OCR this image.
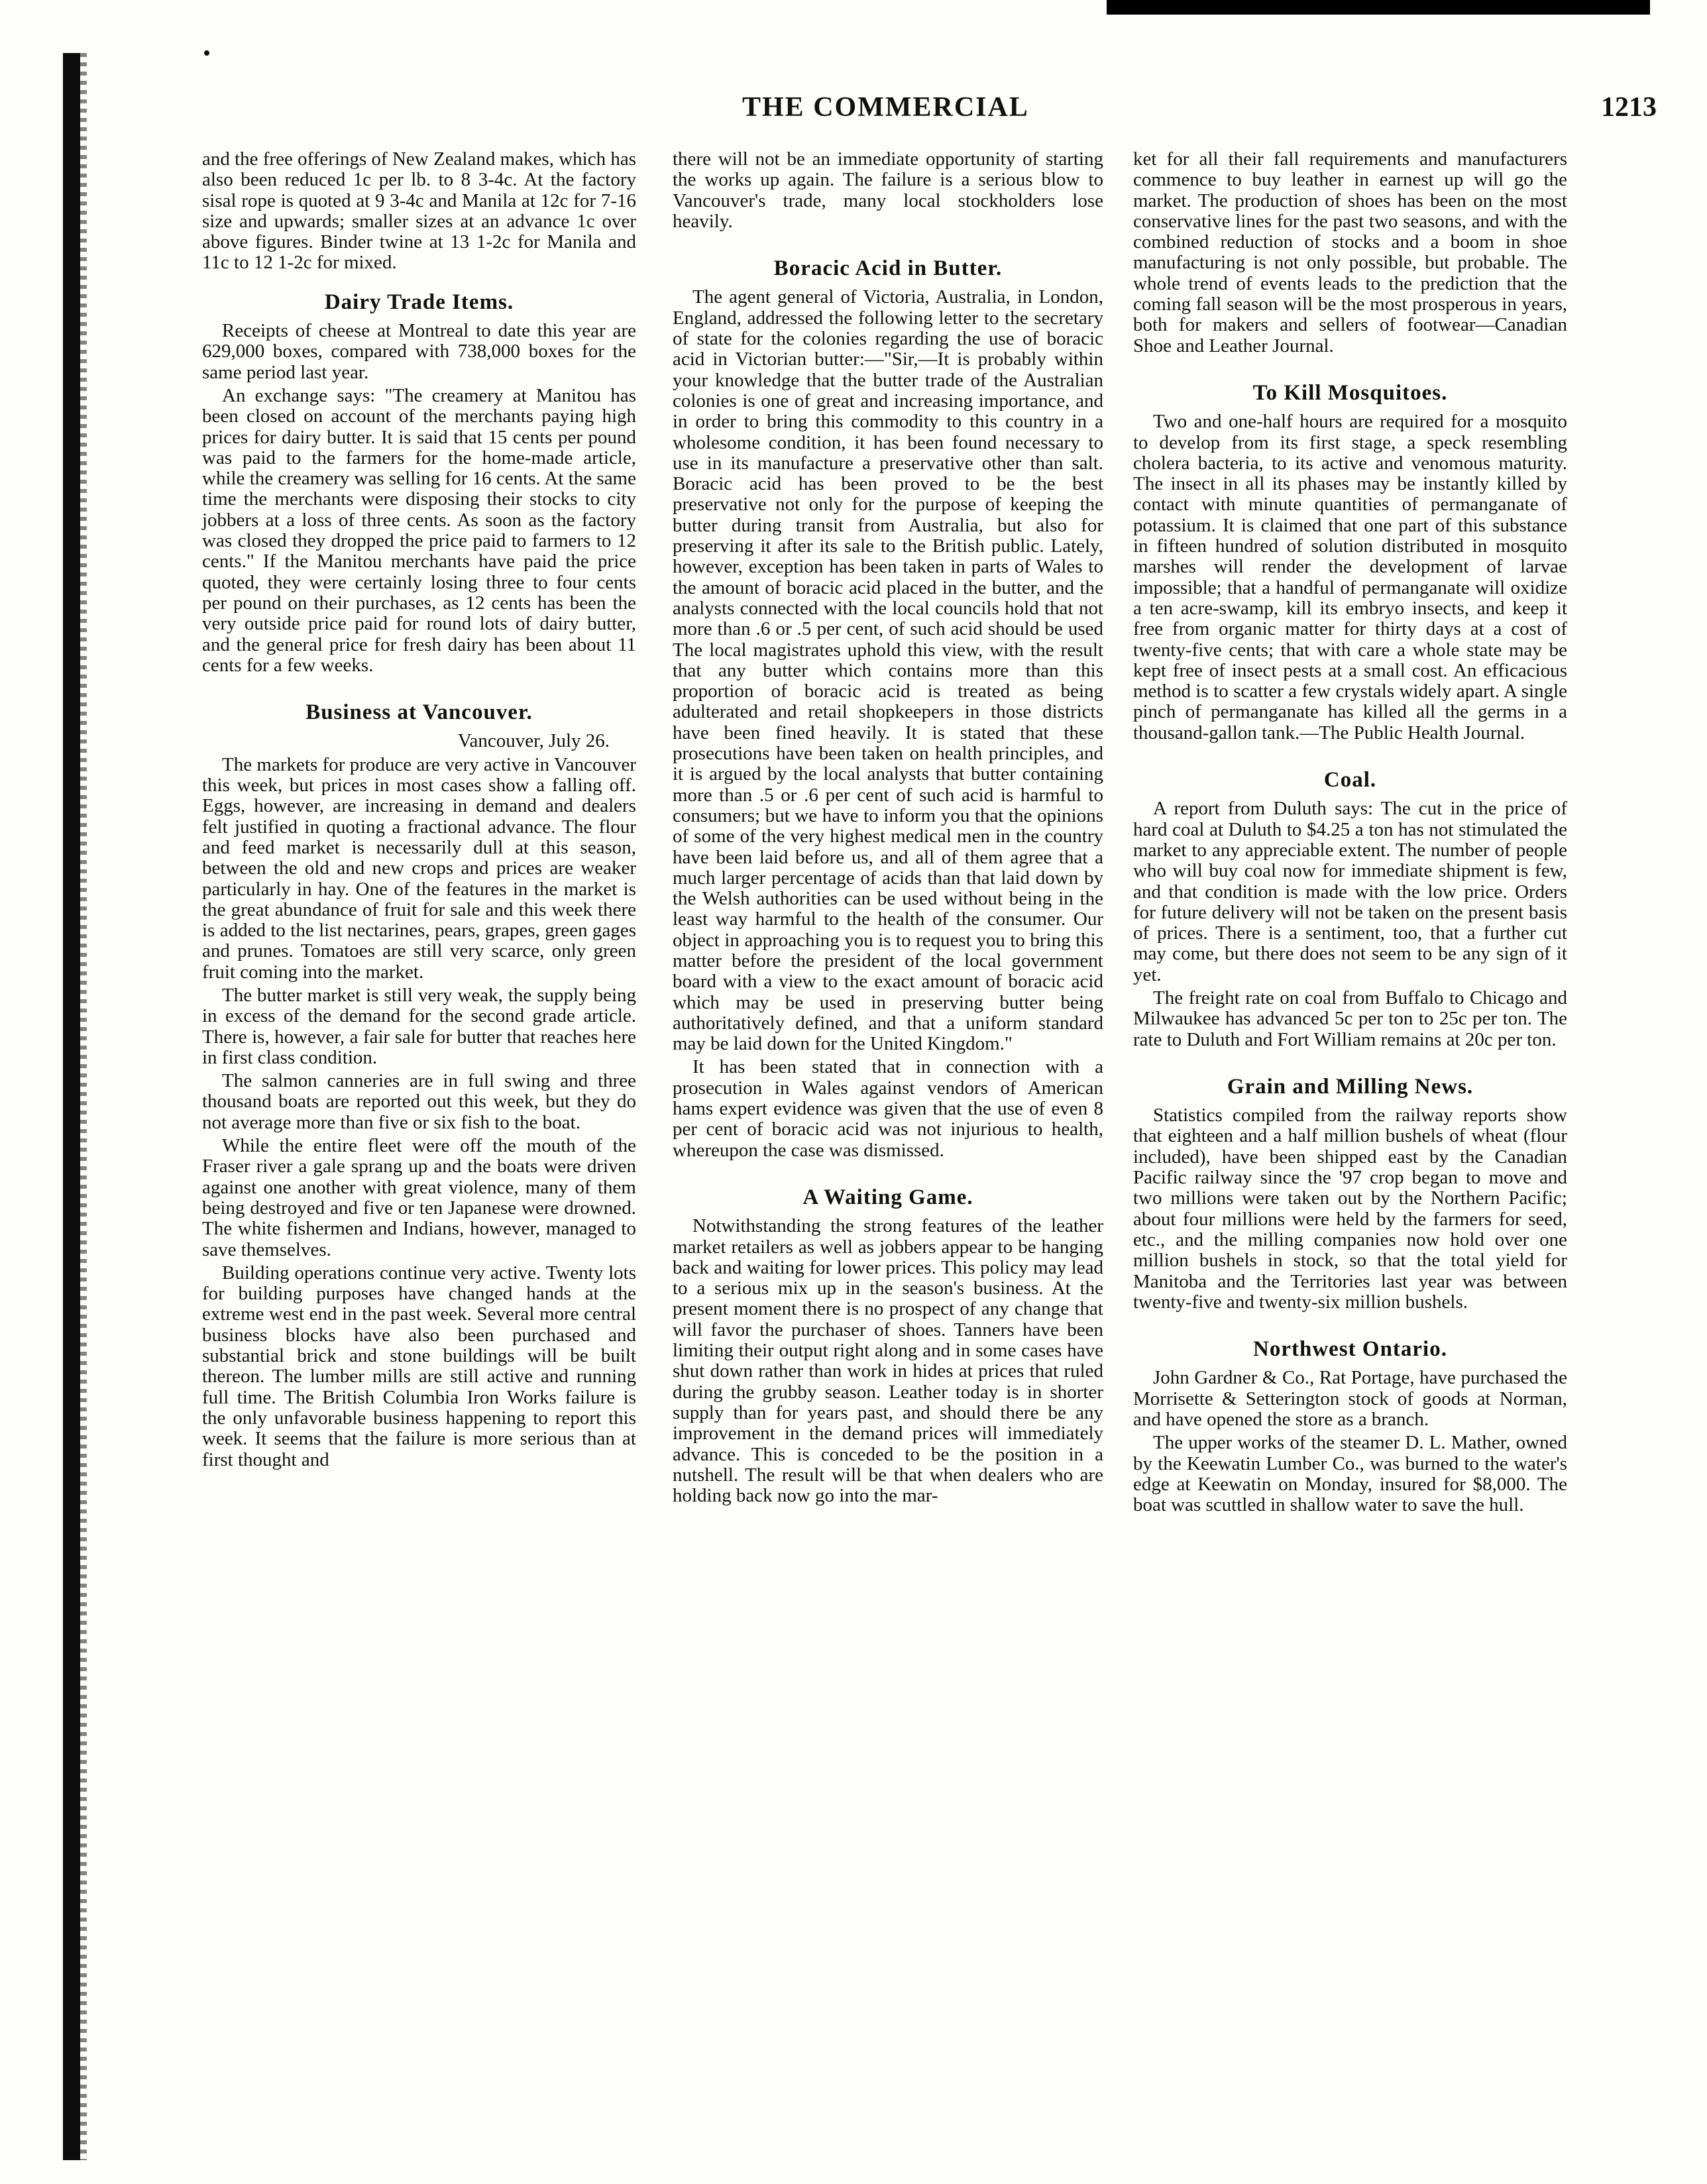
THE COMMERCIAL	1213

and the free offerings of New Zealand makes, which has also been reduced 1c per lb. to 8 3-4c. At the factory sisal rope is quoted at 9 3-4c and Manila at 12c for 7-16 size and upwards; smaller sizes at an advance 1c over above figures. Binder twine at 13 1-2c for Manila and 11c to 12 1-2c for mixed.

Dairy Trade Items.

Receipts of cheese at Montreal to date this year are 629,000 boxes, compared with 738,000 boxes for the same period last year.

An exchange says: "The creamery at Manitou has been closed on account of the merchants paying high prices for dairy butter. It is said that 15 cents per pound was paid to the farmers for the home-made article, while the creamery was selling for 16 cents. At the same time the merchants were disposing their stocks to city jobbers at a loss of three cents. As soon as the factory was closed they dropped the price paid to farmers to 12 cents." If the Manitou merchants have paid the price quoted, they were certainly losing three to four cents per pound on their purchases, as 12 cents has been the very outside price paid for round lots of dairy butter, and the general price for fresh dairy has been about 11 cents for a few weeks.

Business at Vancouver.
Vancouver, July 26.

The markets for produce are very active in Vancouver this week, but prices in most cases show a falling off. Eggs, however, are increasing in demand and dealers felt justified in quoting a fractional advance. The flour and feed market is necessarily dull at this season, between the old and new crops and prices are weaker particularly in hay. One of the features in the market is the great abundance of fruit for sale and this week there is added to the list nectarines, pears, grapes, green gages and prunes. Tomatoes are still very scarce, only green fruit coming into the market.

The butter market is still very weak, the supply being in excess of the demand for the second grade article. There is, however, a fair sale for butter that reaches here in first class condition.

The salmon canneries are in full swing and three thousand boats are reported out this week, but they do not average more than five or six fish to the boat.

While the entire fleet were off the mouth of the Fraser river a gale sprang up and the boats were driven against one another with great violence, many of them being destroyed and five or ten Japanese were drowned. The white fishermen and Indians, however, managed to save themselves.

Building operations continue very active. Twenty lots for building purposes have changed hands at the extreme west end in the past week. Several more central business blocks have also been purchased and substantial brick and stone buildings will be built thereon. The lumber mills are still active and running full time. The British Columbia Iron Works failure is the only unfavorable business happening to report this week. It seems that the failure is more serious than at first thought and

there will not be an immediate opportunity of starting the works up again. The failure is a serious blow to Vancouver's trade, many local stockholders lose heavily.

Boracic Acid in Butter.

The agent general of Victoria, Australia, in London, England, addressed the following letter to the secretary of state for the colonies regarding the use of boracic acid in Victorian butter:—"Sir,—It is probably within your knowledge that the butter trade of the Australian colonies is one of great and increasing importance, and in order to bring this commodity to this country in a wholesome condition, it has been found necessary to use in its manufacture a preservative other than salt. Boracic acid has been proved to be the best preservative not only for the purpose of keeping the butter during transit from Australia, but also for preserving it after its sale to the British public. Lately, however, exception has been taken in parts of Wales to the amount of boracic acid placed in the butter, and the analysts connected with the local councils hold that not more than .6 or .5 per cent, of such acid should be used The local magistrates uphold this view, with the result that any butter which contains more than this proportion of boracic acid is treated as being adulterated and retail shopkeepers in those districts have been fined heavily. It is stated that these prosecutions have been taken on health principles, and it is argued by the local analysts that butter containing more than .5 or .6 per cent of such acid is harmful to consumers; but we have to inform you that the opinions of some of the very highest medical men in the country have been laid before us, and all of them agree that a much larger percentage of acids than that laid down by the Welsh authorities can be used without being in the least way harmful to the health of the consumer. Our object in approaching you is to request you to bring this matter before the president of the local government board with a view to the exact amount of boracic acid which may be used in preserving butter being authoritatively defined, and that a uniform standard may be laid down for the United Kingdom."

It has been stated that in connection with a prosecution in Wales against vendors of American hams expert evidence was given that the use of even 8 per cent of boracic acid was not injurious to health, whereupon the case was dismissed.

A Waiting Game.

Notwithstanding the strong features of the leather market retailers as well as jobbers appear to be hanging back and waiting for lower prices. This policy may lead to a serious mix up in the season's business. At the present moment there is no prospect of any change that will favor the purchaser of shoes. Tanners have been limiting their output right along and in some cases have shut down rather than work in hides at prices that ruled during the grubby season. Leather today is in shorter supply than for years past, and should there be any improvement in the demand prices will immediately advance. This is conceded to be the position in a nutshell. The result will be that when dealers who are holding back now go into the mar-

ket for all their fall requirements and manufacturers commence to buy leather in earnest up will go the market. The production of shoes has been on the most conservative lines for the past two seasons, and with the combined reduction of stocks and a boom in shoe manufacturing is not only possible, but probable. The whole trend of events leads to the prediction that the coming fall season will be the most prosperous in years, both for makers and sellers of footwear—Canadian Shoe and Leather Journal.

To Kill Mosquitoes.

Two and one-half hours are required for a mosquito to develop from its first stage, a speck resembling cholera bacteria, to its active and venomous maturity. The insect in all its phases may be instantly killed by contact with minute quantities of permanganate of potassium. It is claimed that one part of this substance in fifteen hundred of solution distributed in mosquito marshes will render the development of larvae impossible; that a handful of permanganate will oxidize a ten acre-swamp, kill its embryo insects, and keep it free from organic matter for thirty days at a cost of twenty-five cents; that with care a whole state may be kept free of insect pests at a small cost. An efficacious method is to scatter a few crystals widely apart. A single pinch of permanganate has killed all the germs in a thousand-gallon tank.—The Public Health Journal.

Coal.

A report from Duluth says: The cut in the price of hard coal at Duluth to $4.25 a ton has not stimulated the market to any appreciable extent. The number of people who will buy coal now for immediate shipment is few, and that condition is made with the low price. Orders for future delivery will not be taken on the present basis of prices. There is a sentiment, too, that a further cut may come, but there does not seem to be any sign of it yet.

The freight rate on coal from Buffalo to Chicago and Milwaukee has advanced 5c per ton to 25c per ton. The rate to Duluth and Fort William remains at 20c per ton.

Grain and Milling News.

Statistics compiled from the railway reports show that eighteen and a half million bushels of wheat (flour included), have been shipped east by the Canadian Pacific railway since the '97 crop began to move and two millions were taken out by the Northern Pacific; about four millions were held by the farmers for seed, etc., and the milling companies now hold over one million bushels in stock, so that the total yield for Manitoba and the Territories last year was between twenty-five and twenty-six million bushels.

Northwest Ontario.

John Gardner & Co., Rat Portage, have purchased the Morrisette & Setterington stock of goods at Norman, and have opened the store as a branch.

The upper works of the steamer D. L. Mather, owned by the Keewatin Lumber Co., was burned to the water's edge at Keewatin on Monday, insured for $8,000. The boat was scuttled in shallow water to save the hull.
